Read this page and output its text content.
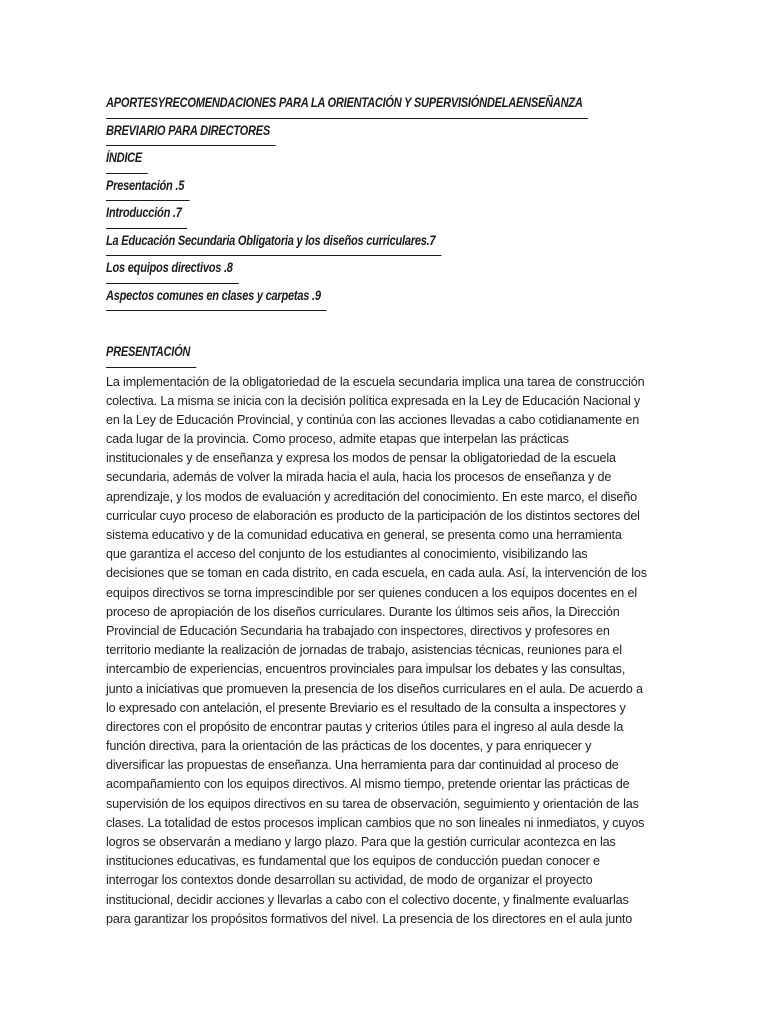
APORTESYRECOMENDACIONES PARA LA ORIENTACIÓN Y SUPERVISIÓNDELAENSEÑANZA
BREVIARIO PARA DIRECTORES
ÍNDICE
Presentación .5
Introducción .7
La Educación Secundaria Obligatoria y los diseños curriculares.7
Los equipos directivos .8
Aspectos comunes en clases y carpetas .9
PRESENTACIÓN
La implementación de la obligatoriedad de la escuela secundaria implica una tarea de construcción
colectiva. La misma se inicia con la decisión política expresada en la Ley de Educación Nacional y
en la Ley de Educación Provincial, y continúa con las acciones llevadas a cabo cotidianamente en
cada lugar de la provincia. Como proceso, admite etapas que interpelan las prácticas
institucionales y de enseñanza y expresa los modos de pensar la obligatoriedad de la escuela
secundaria, además de volver la mirada hacia el aula, hacia los procesos de enseñanza y de
aprendizaje, y los modos de evaluación y acreditación del conocimiento. En este marco, el diseño
curricular cuyo proceso de elaboración es producto de la participación de los distintos sectores del
sistema educativo y de la comunidad educativa en general, se presenta como una herramienta
que garantiza el acceso del conjunto de los estudiantes al conocimiento, visibilizando las
decisiones que se toman en cada distrito, en cada escuela, en cada aula. Así, la intervención de los
equipos directivos se torna imprescindible por ser quienes conducen a los equipos docentes en el
proceso de apropiación de los diseños curriculares. Durante los últimos seis años, la Dirección
Provincial de Educación Secundaria ha trabajado con inspectores, directivos y profesores en
territorio mediante la realización de jornadas de trabajo, asistencias técnicas, reuniones para el
intercambio de experiencias, encuentros provinciales para impulsar los debates y las consultas,
junto a iniciativas que promueven la presencia de los diseños curriculares en el aula. De acuerdo a
lo expresado con antelación, el presente Breviario es el resultado de la consulta a inspectores y
directores con el propósito de encontrar pautas y criterios útiles para el ingreso al aula desde la
función directiva, para la orientación de las prácticas de los docentes, y para enriquecer y
diversificar las propuestas de enseñanza. Una herramienta para dar continuidad al proceso de
acompañamiento con los equipos directivos. Al mismo tiempo, pretende orientar las prácticas de
supervisión de los equipos directivos en su tarea de observación, seguimiento y orientación de las
clases. La totalidad de estos procesos implican cambios que no son lineales ni inmediatos, y cuyos
logros se observarán a mediano y largo plazo. Para que la gestión curricular acontezca en las
instituciones educativas, es fundamental que los equipos de conducción puedan conocer e
interrogar los contextos donde desarrollan su actividad, de modo de organizar el proyecto
institucional, decidir acciones y llevarlas a cabo con el colectivo docente, y finalmente evaluarlas
para garantizar los propósitos formativos del nivel. La presencia de los directores en el aula junto
